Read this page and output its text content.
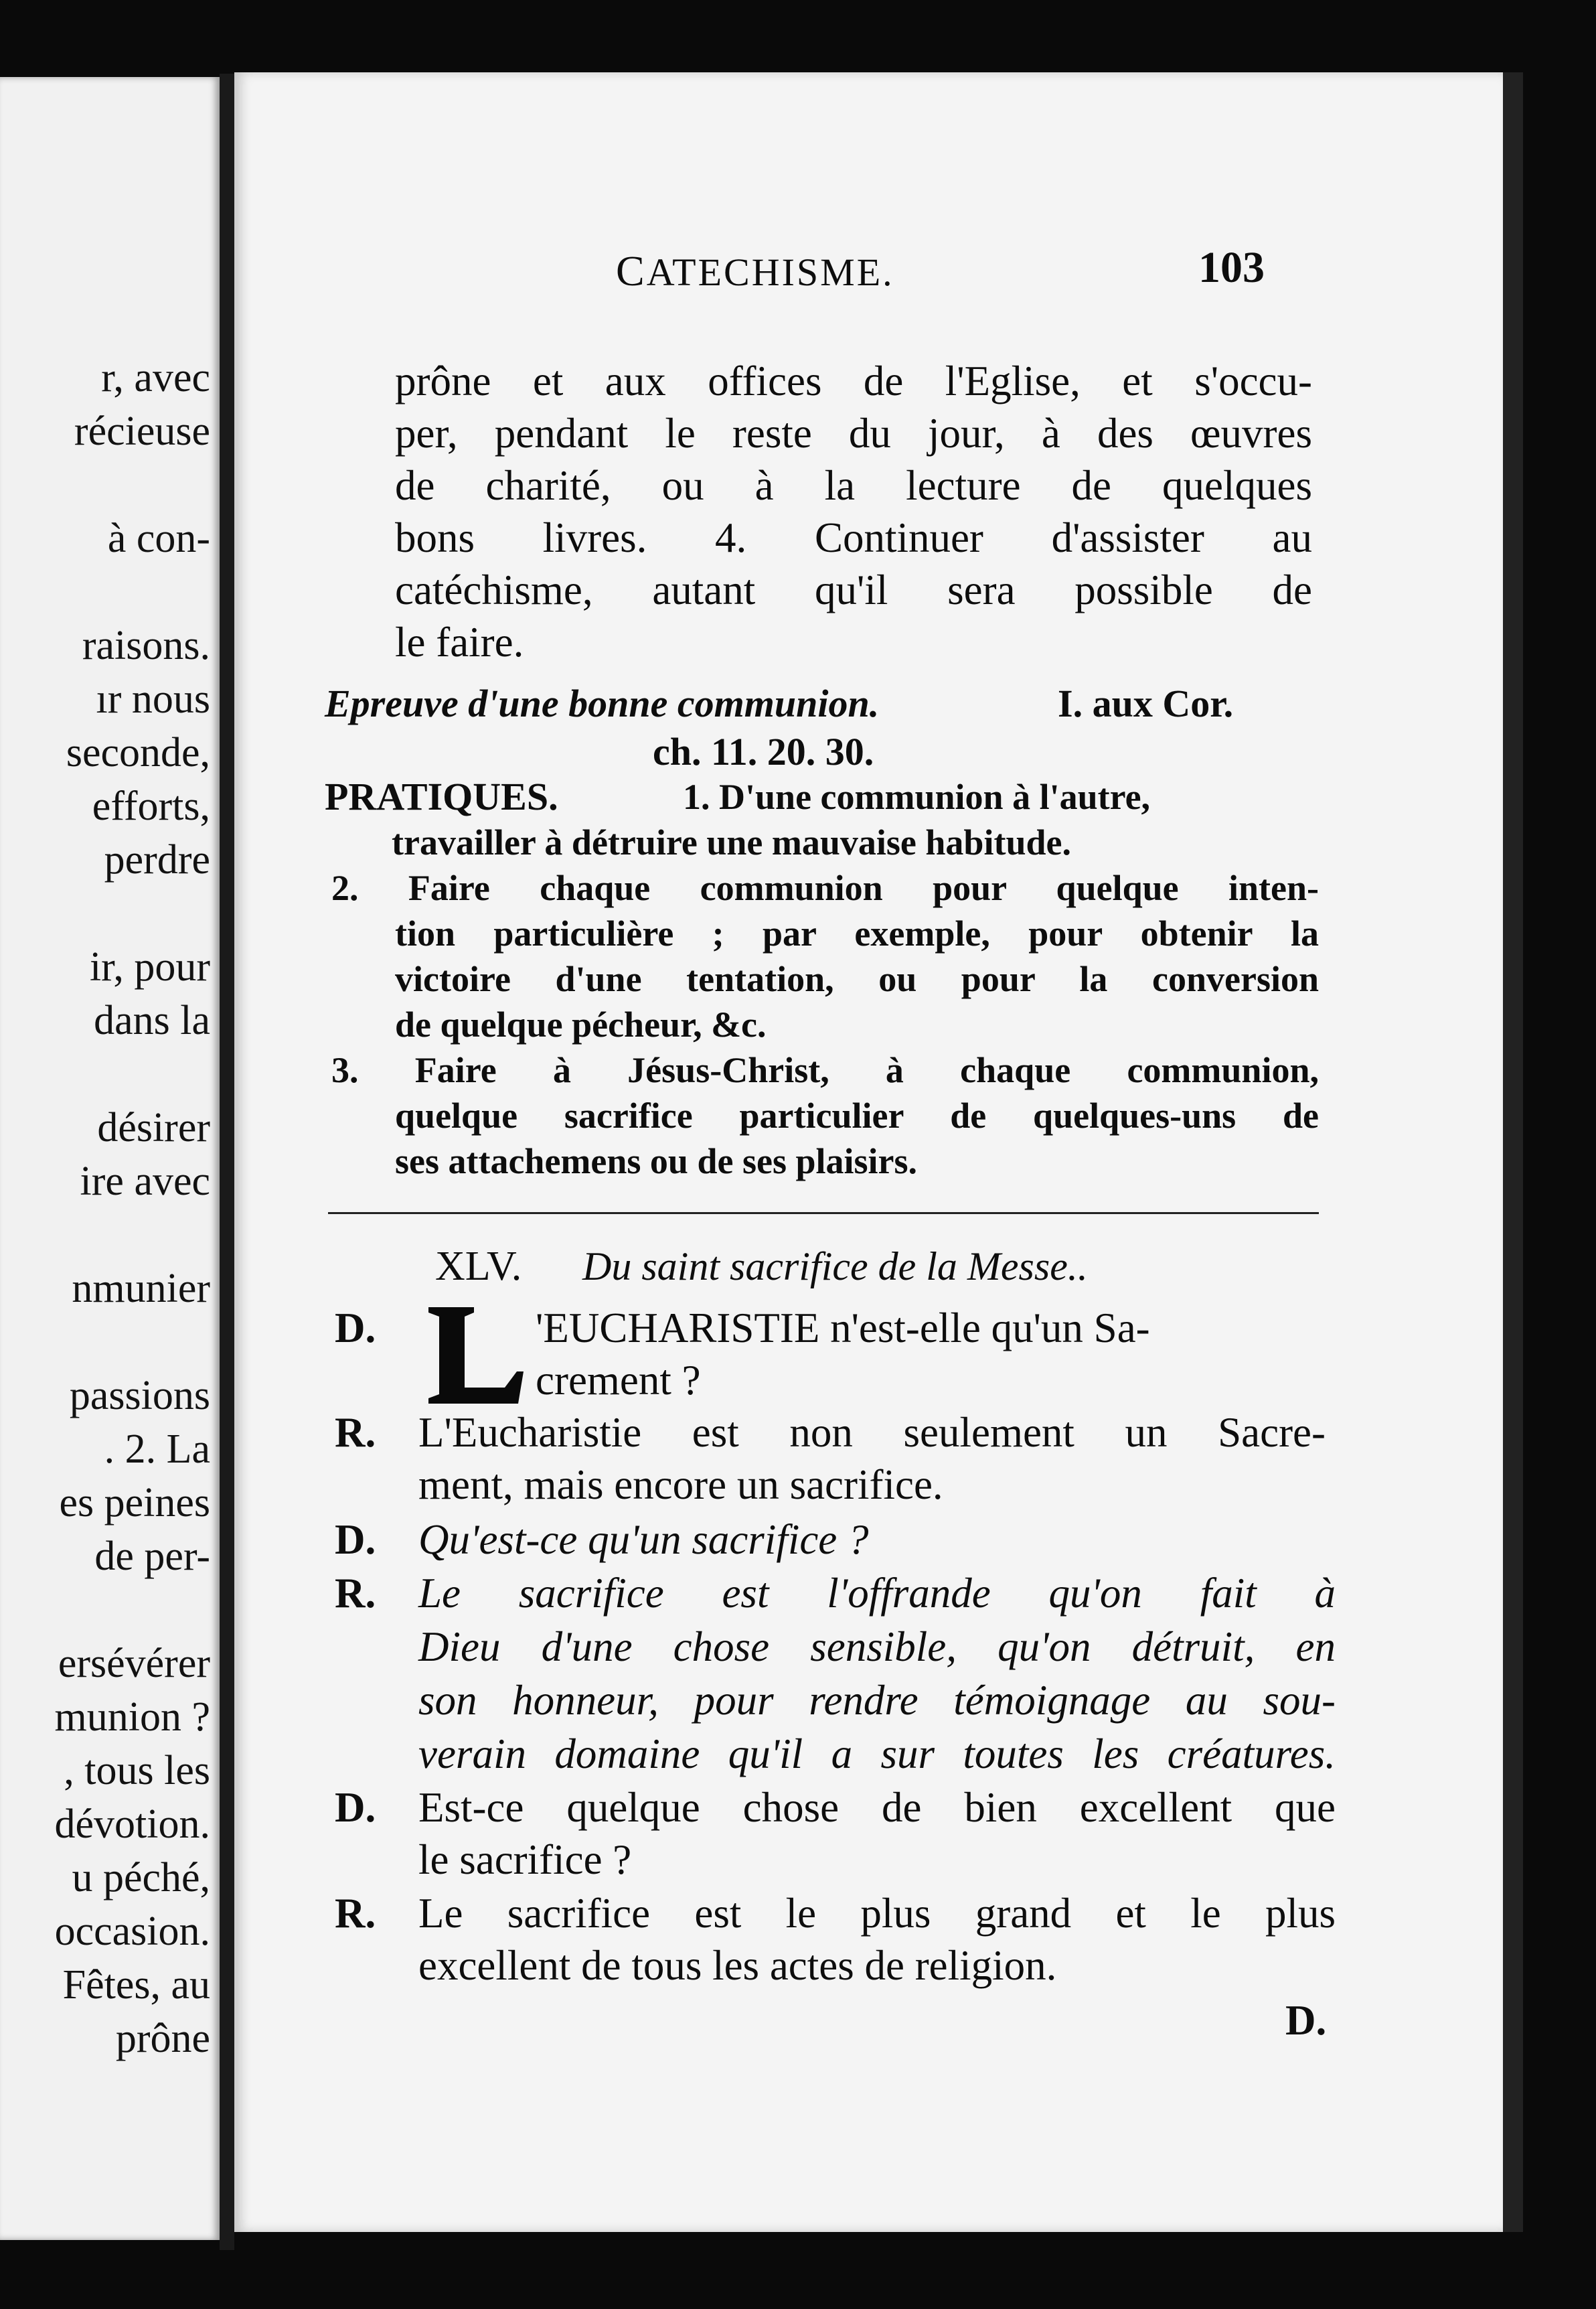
r, avec
récieuse
à con-
raisons.
ır nous
seconde,
efforts,
perdre
ir, pour
dans la
désirer
ire avec
nmunier
passions
. 2. La
es peines
de per-
ersévérer
munion ?
, tous les
dévotion.
u péché,
occasion.
Fêtes, au
prône
CATECHISME.	103
prône et aux offices de l'Eglise, et s'occu-
per, pendant le reste du jour, à des œuvres
de charité, ou à la lecture de quelques
bons livres. 4. Continuer d'assister au
catéchisme, autant qu'il sera possible de
le faire.
Epreuve d'une bonne communion.	I. aux Cor.
ch. 11. 20. 30.
PRATIQUES.	1. D'une communion à l'autre,
travailler à détruire une mauvaise habitude.
2. Faire chaque communion pour quelque inten-
tion particulière ; par exemple, pour obtenir la
victoire d'une tentation, ou pour la conversion
de quelque pécheur, &c.
3. Faire à Jésus-Christ, à chaque communion,
quelque sacrifice particulier de quelques-uns de
ses attachemens ou de ses plaisirs.
XLV. Du saint sacrifice de la Messe..
D.	'EUCHARISTIE n'est-elle qu'un Sa-
crement ?
R. L'Eucharistie est non seulement un Sacre-
ment, mais encore un sacrifice.
D. Qu'est-ce qu'un sacrifice ?
R. Le sacrifice est l'offrande qu'on fait à
Dieu d'une chose sensible, qu'on détruit, en
son honneur, pour rendre témoignage au sou-
verain domaine qu'il a sur toutes les créatures.
D. Est-ce quelque chose de bien excellent que
le sacrifice ?
R. Le sacrifice est le plus grand et le plus
excellent de tous les actes de religion.
D.
